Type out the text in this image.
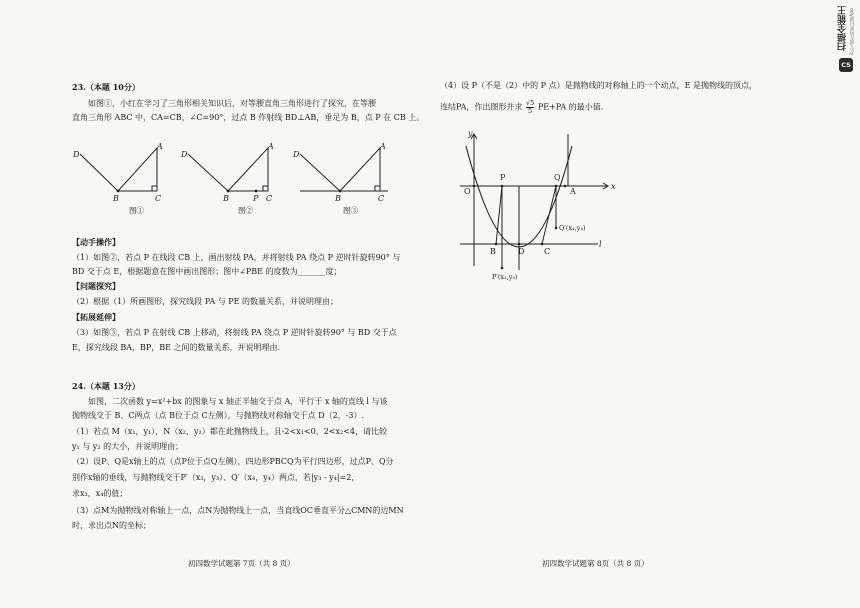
23.（本题 10分）
如图①，小红在学习了三角形相关知识后，对等腰直角三角形进行了探究，在等腰
直角三角形 ABC 中，CA=CB，∠C=90°，过点 B 作射线 BD⊥AB，垂足为 B，点 P 在 CB 上。
D
A
B	C
D
A
B	P C
D
A
B	C
图①	图②	图③
【动手操作】
（1）如图②，若点 P 在线段 CB 上，画出射线 PA，并将射线 PA 绕点 P 逆时针旋转90° 与
BD 交于点 E，根据题意在图中画出图形；图中∠PBE 的度数为_______度；
【问题探究】
（2）根据（1）所画图形，探究线段 PA 与 PE 的数量关系，并说明理由；
【拓展延伸】
（3）如图③，若点 P 在射线 CB 上移动，将射线 PA 绕点 P 逆时针旋转90° 与 BD 交于点
E，探究线段 BA，BP，BE 之间的数量关系，并说明理由.
24.（本题 13分）
如图，二次函数 y=x²+bx 的图象与 x 轴正半轴交于点 A，平行于 x 轴的直线 l 与该
抛物线交于 B、C两点（点 B位于点 C左侧），与抛物线对称轴交于点 D（2，-3）.
（1）若点 M（x₁，y₁），N（x₂，y₂）都在此抛物线上，且-2<x₁<0，2<x₂<4，请比较
y₁ 与 y₂ 的大小，并说明理由；
（2）设P、Q是x轴上的点（点P位于点Q左侧），四边形PBCQ为平行四边形，过点P、Q分
别作x轴的垂线，与抛物线交于P′（x₃，y₃）、Q′（x₄，y₄）两点，若|y₃ - y₄|=2，
求x₃，x₄的值；
（3）点M为抛物线对称轴上一点，点N为抛物线上一点，当直线OC垂直平分△CMN的边MN
时，求出点N的坐标；
初四数学试题第 7页（共 8 页）
（4）设 P（不是（2）中的 P 点）是抛物线的对称轴上的一个动点，E 是抛物线的顶点，
连结PA，作出图形并求 $\frac{√5}{5} PE+PA$ 的最小值.
y
x
O
P	Q
A
B	D C
l
Q′(x₄,y₄)
P′(x₃,y₃)
初四数学试题第 8页（共 8 页）
扫描全能王 3亿人都在用的扫描App
CS
